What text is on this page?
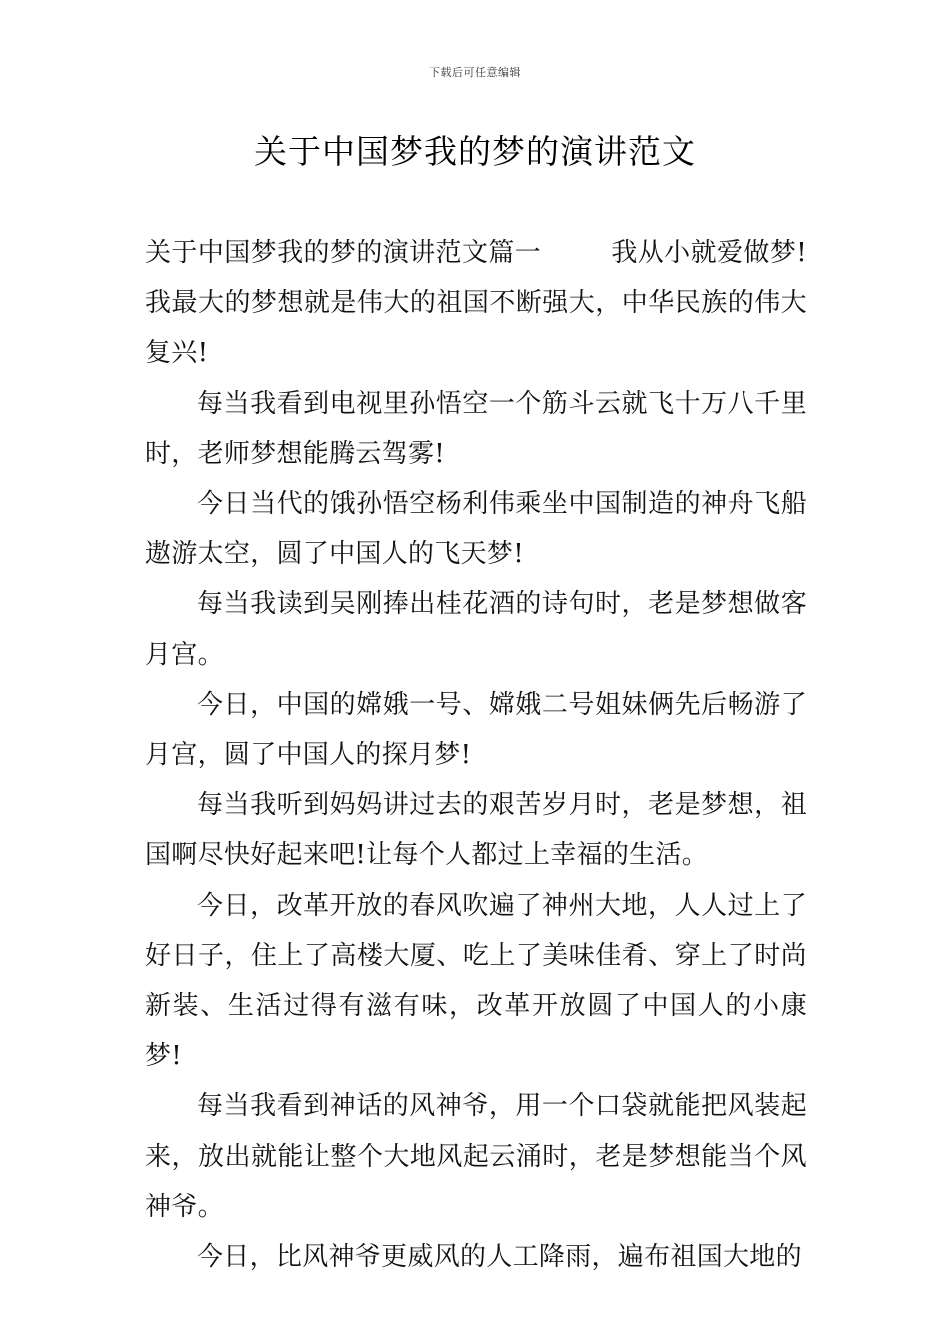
下载后可任意编辑
关于中国梦我的梦的演讲范文

关于中国梦我的梦的演讲范文篇一	我从小就爱做梦!我最大的梦想就是伟大的祖国不断强大，中华民族的伟大复兴!

每当我看到电视里孙悟空一个筋斗云就飞十万八千里时，老师梦想能腾云驾雾!

今日当代的饿孙悟空杨利伟乘坐中国制造的神舟飞船遨游太空，圆了中国人的飞天梦!

每当我读到吴刚捧出桂花酒的诗句时，老是梦想做客月宫。

今日，中国的嫦娥一号、嫦娥二号姐妹俩先后畅游了月宫，圆了中国人的探月梦!

每当我听到妈妈讲过去的艰苦岁月时，老是梦想，祖国啊尽快好起来吧!让每个人都过上幸福的生活。

今日，改革开放的春风吹遍了神州大地，人人过上了好日子，住上了高楼大厦、吃上了美味佳肴、穿上了时尚新装、生活过得有滋有味，改革开放圆了中国人的小康梦!

每当我看到神话的风神爷，用一个口袋就能把风装起来，放出就能让整个大地风起云涌时，老是梦想能当个风神爷。

今日，比风神爷更威风的人工降雨，遍布祖国大地的
